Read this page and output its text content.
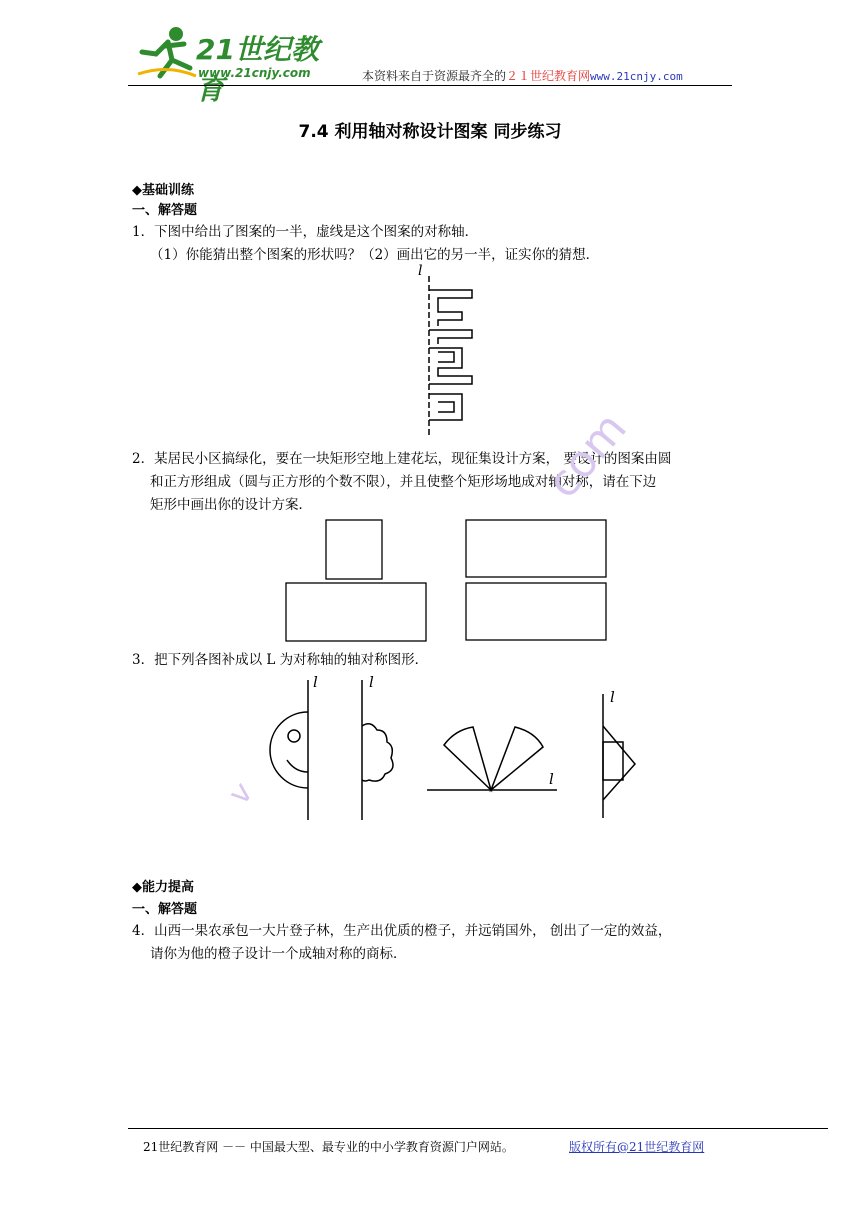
21世纪教育
www.21cnjy.com	本资料来自于资源最齐全的２１世纪教育网www.21cnjy.com
7.4 利用轴对称设计图案 同步练习
◆基础训练
一、解答题
1．下图中给出了图案的一半，虚线是这个图案的对称轴．
（1）你能猜出整个图案的形状吗？（2）画出它的另一半，证实你的猜想．
l
2．某居民小区搞绿化，要在一块矩形空地上建花坛，现征集设计方案， 要设计的图案由圆
和正方形组成（圆与正方形的个数不限），并且使整个矩形场地成对轴对称，请在下边
矩形中画出你的设计方案．
3．把下列各图补成以 L 为对称轴的轴对称图形．
l	l
l
l
◆能力提高
一、解答题
4．山西一果农承包一大片登子林，生产出优质的橙子，并远销国外， 创出了一定的效益，
请你为他的橙子设计一个成轴对称的商标．
com
v
21世纪教育网 －－ 中国最大型、最专业的中小学教育资源门户网站。	版权所有@21世纪教育网
